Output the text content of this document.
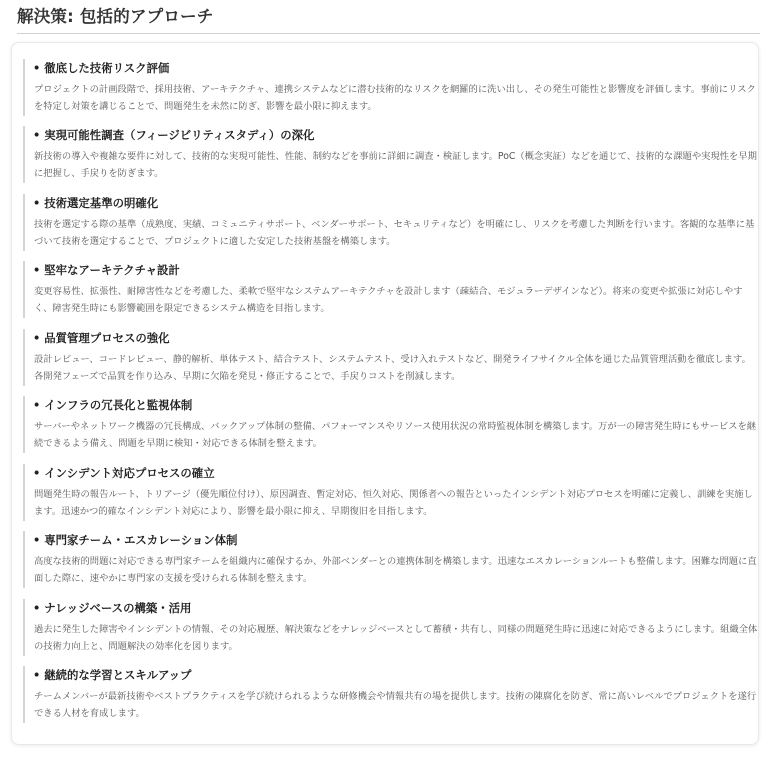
解決策: 包括的アプローチ
• 徹底した技術リスク評価
プロジェクトの計画段階で、採用技術、アーキテクチャ、連携システムなどに潜む技術的なリスクを網羅的に洗い出し、その発生可能性と影響度を評価します。事前にリスクを特定し対策を講じることで、問題発生を未然に防ぎ、影響を最小限に抑えます。
• 実現可能性調査（フィージビリティスタディ）の深化
新技術の導入や複雑な要件に対して、技術的な実現可能性、性能、制約などを事前に詳細に調査・検証します。PoC（概念実証）などを通じて、技術的な課題や実現性を早期に把握し、手戻りを防ぎます。
• 技術選定基準の明確化
技術を選定する際の基準（成熟度、実績、コミュニティサポート、ベンダーサポート、セキュリティなど）を明確にし、リスクを考慮した判断を行います。客観的な基準に基づいて技術を選定することで、プロジェクトに適した安定した技術基盤を構築します。
• 堅牢なアーキテクチャ設計
変更容易性、拡張性、耐障害性などを考慮した、柔軟で堅牢なシステムアーキテクチャを設計します（疎結合、モジュラーデザインなど）。将来の変更や拡張に対応しやすく、障害発生時にも影響範囲を限定できるシステム構造を目指します。
• 品質管理プロセスの強化
設計レビュー、コードレビュー、静的解析、単体テスト、結合テスト、システムテスト、受け入れテストなど、開発ライフサイクル全体を通じた品質管理活動を徹底します。各開発フェーズで品質を作り込み、早期に欠陥を発見・修正することで、手戻りコストを削減します。
• インフラの冗長化と監視体制
サーバーやネットワーク機器の冗長構成、バックアップ体制の整備、パフォーマンスやリソース使用状況の常時監視体制を構築します。万が一の障害発生時にもサービスを継続できるよう備え、問題を早期に検知・対応できる体制を整えます。
• インシデント対応プロセスの確立
問題発生時の報告ルート、トリアージ（優先順位付け）、原因調査、暫定対応、恒久対応、関係者への報告といったインシデント対応プロセスを明確に定義し、訓練を実施します。迅速かつ的確なインシデント対応により、影響を最小限に抑え、早期復旧を目指します。
• 専門家チーム・エスカレーション体制
高度な技術的問題に対応できる専門家チームを組織内に確保するか、外部ベンダーとの連携体制を構築します。迅速なエスカレーションルートも整備します。困難な問題に直面した際に、速やかに専門家の支援を受けられる体制を整えます。
• ナレッジベースの構築・活用
過去に発生した障害やインシデントの情報、その対応履歴、解決策などをナレッジベースとして蓄積・共有し、同様の問題発生時に迅速に対応できるようにします。組織全体の技術力向上と、問題解決の効率化を図ります。
• 継続的な学習とスキルアップ
チームメンバーが最新技術やベストプラクティスを学び続けられるような研修機会や情報共有の場を提供します。技術の陳腐化を防ぎ、常に高いレベルでプロジェクトを遂行できる人材を育成します。
